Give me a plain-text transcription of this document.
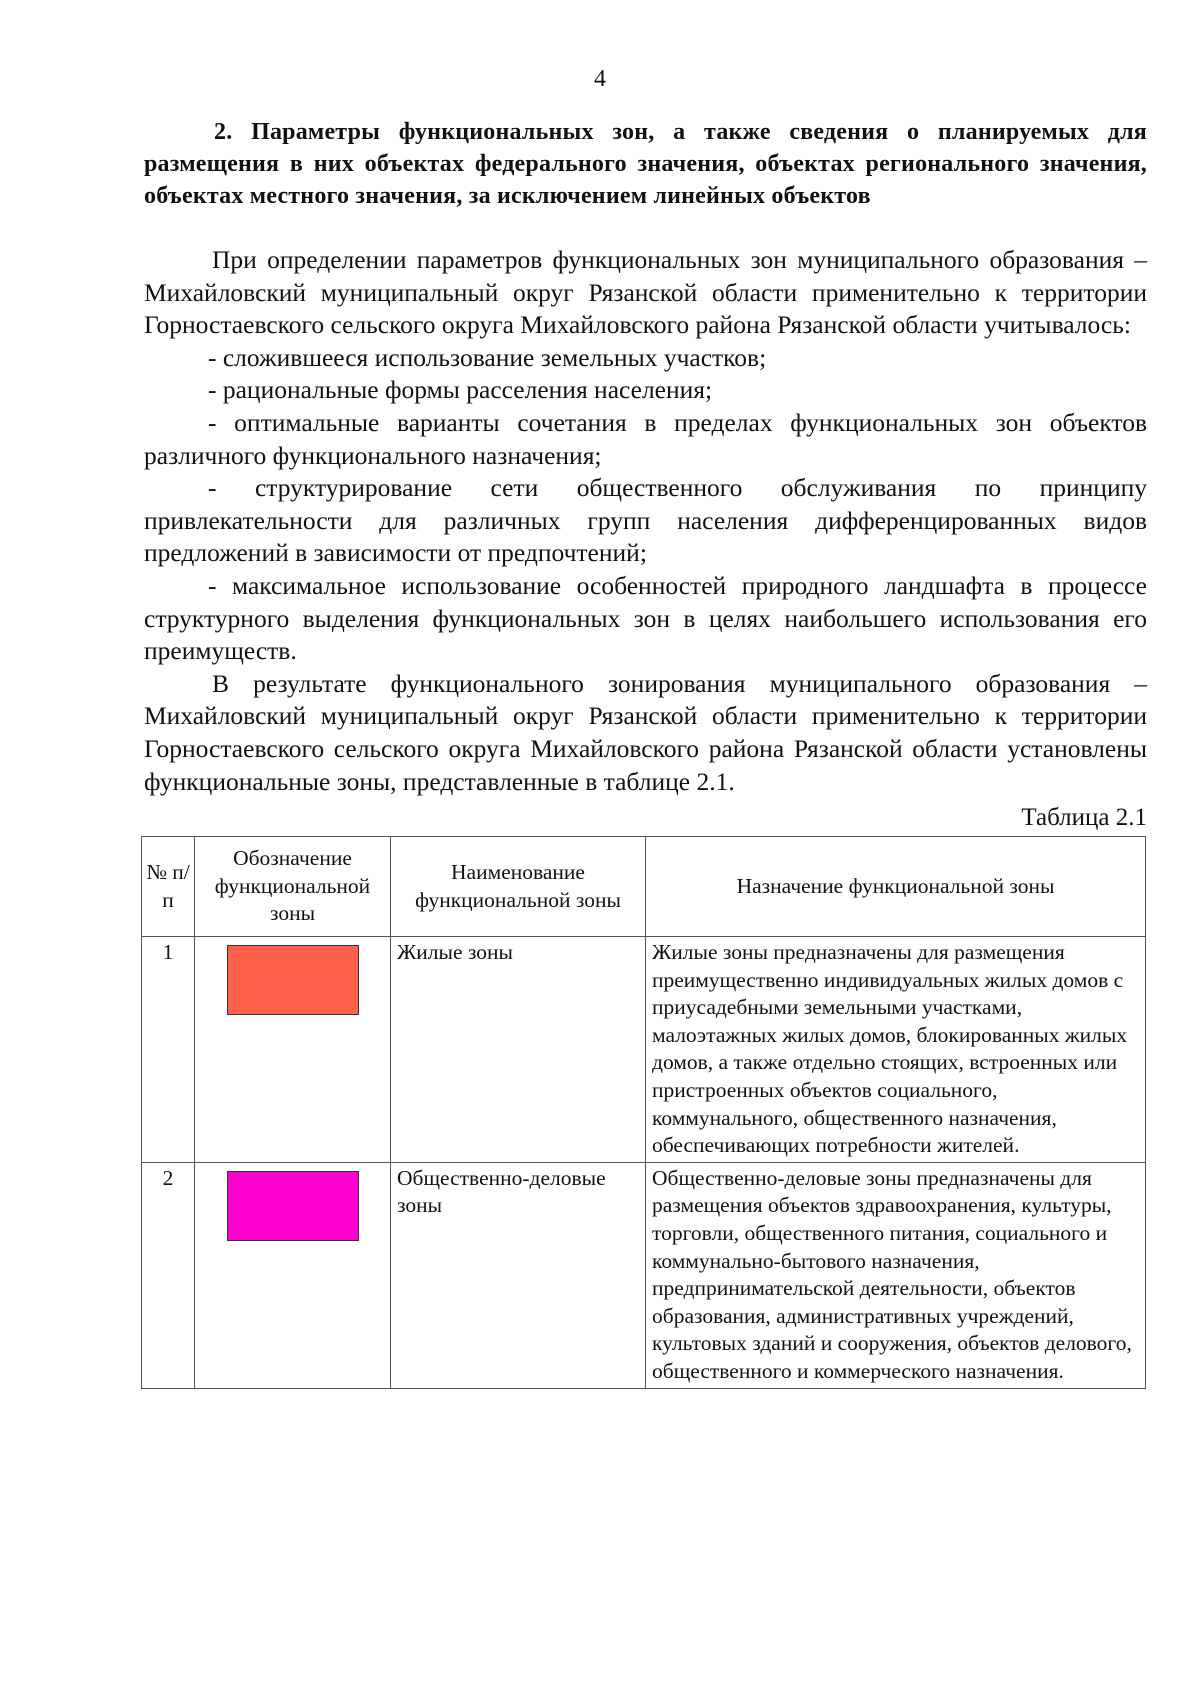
4

2. Параметры функциональных зон, а также сведения о планируемых для размещения в них объектах федерального значения, объектах регионального значения, объектах местного значения, за исключением линейных объектов

При определении параметров функциональных зон муниципального образования – Михайловский муниципальный округ Рязанской области применительно к территории Горностаевского сельского округа Михайловского района Рязанской области учитывалось:

- сложившееся использование земельных участков;

- рациональные формы расселения населения;

- оптимальные варианты сочетания в пределах функциональных зон объектов различного функционального назначения;

- структурирование сети общественного обслуживания по принципу привлекательности для различных групп населения дифференцированных видов предложений в зависимости от предпочтений;

- максимальное использование особенностей природного ландшафта в процессе структурного выделения функциональных зон в целях наибольшего использования его преимуществ.

В результате функционального зонирования муниципального образования – Михайловский муниципальный округ Рязанской области применительно к территории Горностаевского сельского округа Михайловского района Рязанской области установлены функциональные зоны, представленные в таблице 2.1.

Таблица 2.1
№ п/п	Обозначение функциональной зоны	Наименование функциональной зоны	Назначение функциональной зоны
1		Жилые зоны	Жилые зоны предназначены для размещения преимущественно индивидуальных жилых домов с приусадебными земельными участками, малоэтажных жилых домов, блокированных жилых домов, а также отдельно стоящих, встроенных или пристроенных объектов социального, коммунального, общественного назначения, обеспечивающих потребности жителей.
2		Общественно-деловые зоны	Общественно-деловые зоны предназначены для размещения объектов здравоохранения, культуры, торговли, общественного питания, социального и коммунально-бытового назначения, предпринимательской деятельности, объектов образования, административных учреждений, культовых зданий и сооружения, объектов делового, общественного и коммерческого назначения.
